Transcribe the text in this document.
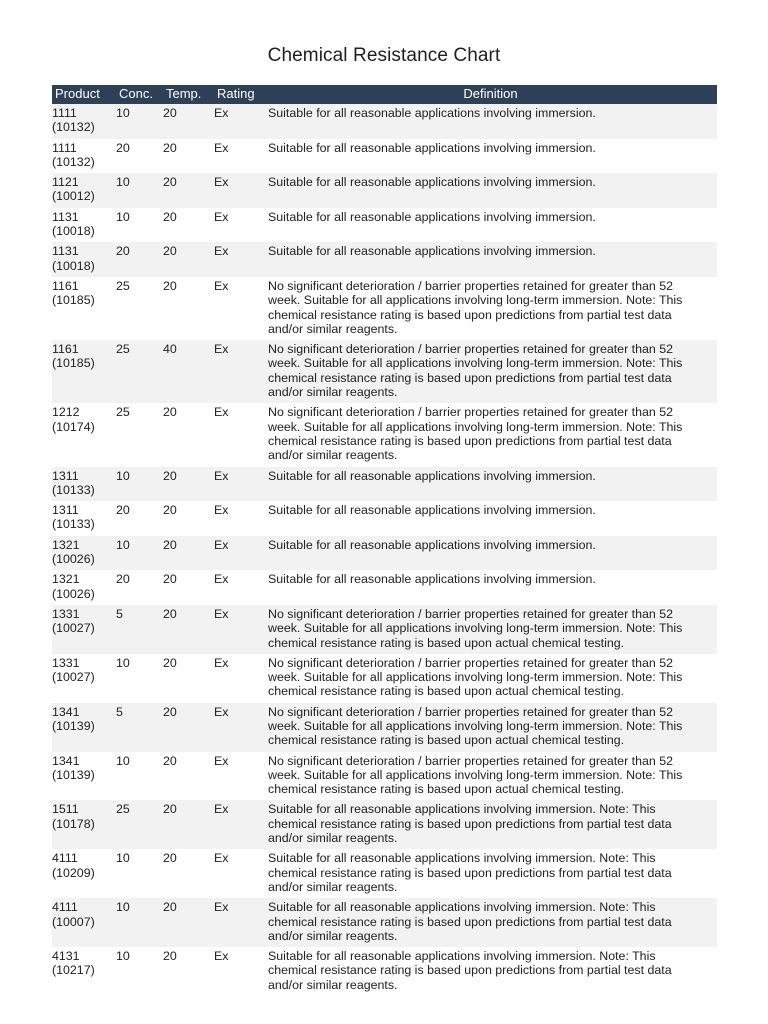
Chemical Resistance Chart
Product	Conc.	Temp.	Rating	Definition

1111
(10132)	10	20	Ex	Suitable for all reasonable applications involving immersion.

1111
(10132)	20	20	Ex	Suitable for all reasonable applications involving immersion.

1121
(10012)	10	20	Ex	Suitable for all reasonable applications involving immersion.

1131
(10018)	10	20	Ex	Suitable for all reasonable applications involving immersion.

1131
(10018)	20	20	Ex	Suitable for all reasonable applications involving immersion.

1161
(10185)	25	20	Ex	No significant deterioration / barrier properties retained for greater than 52 week. Suitable for all applications involving long-term immersion. Note: This chemical resistance rating is based upon predictions from partial test data and/or similar reagents.

1161
(10185)	25	40	Ex	No significant deterioration / barrier properties retained for greater than 52 week. Suitable for all applications involving long-term immersion. Note: This chemical resistance rating is based upon predictions from partial test data and/or similar reagents.

1212
(10174)	25	20	Ex	No significant deterioration / barrier properties retained for greater than 52 week. Suitable for all applications involving long-term immersion. Note: This chemical resistance rating is based upon predictions from partial test data and/or similar reagents.

1311
(10133)	10	20	Ex	Suitable for all reasonable applications involving immersion.

1311
(10133)	20	20	Ex	Suitable for all reasonable applications involving immersion.

1321
(10026)	10	20	Ex	Suitable for all reasonable applications involving immersion.

1321
(10026)	20	20	Ex	Suitable for all reasonable applications involving immersion.

1331
(10027)	5	20	Ex	No significant deterioration / barrier properties retained for greater than 52 week. Suitable for all applications involving long-term immersion. Note: This chemical resistance rating is based upon actual chemical testing.

1331
(10027)	10	20	Ex	No significant deterioration / barrier properties retained for greater than 52 week. Suitable for all applications involving long-term immersion. Note: This chemical resistance rating is based upon actual chemical testing.

1341
(10139)	5	20	Ex	No significant deterioration / barrier properties retained for greater than 52 week. Suitable for all applications involving long-term immersion. Note: This chemical resistance rating is based upon actual chemical testing.

1341
(10139)	10	20	Ex	No significant deterioration / barrier properties retained for greater than 52 week. Suitable for all applications involving long-term immersion. Note: This chemical resistance rating is based upon actual chemical testing.

1511
(10178)	25	20	Ex	Suitable for all reasonable applications involving immersion. Note: This chemical resistance rating is based upon predictions from partial test data and/or similar reagents.

4111
(10209)	10	20	Ex	Suitable for all reasonable applications involving immersion. Note: This chemical resistance rating is based upon predictions from partial test data and/or similar reagents.

4111
(10007)	10	20	Ex	Suitable for all reasonable applications involving immersion. Note: This chemical resistance rating is based upon predictions from partial test data and/or similar reagents.

4131
(10217)	10	20	Ex	Suitable for all reasonable applications involving immersion. Note: This chemical resistance rating is based upon predictions from partial test data and/or similar reagents.
